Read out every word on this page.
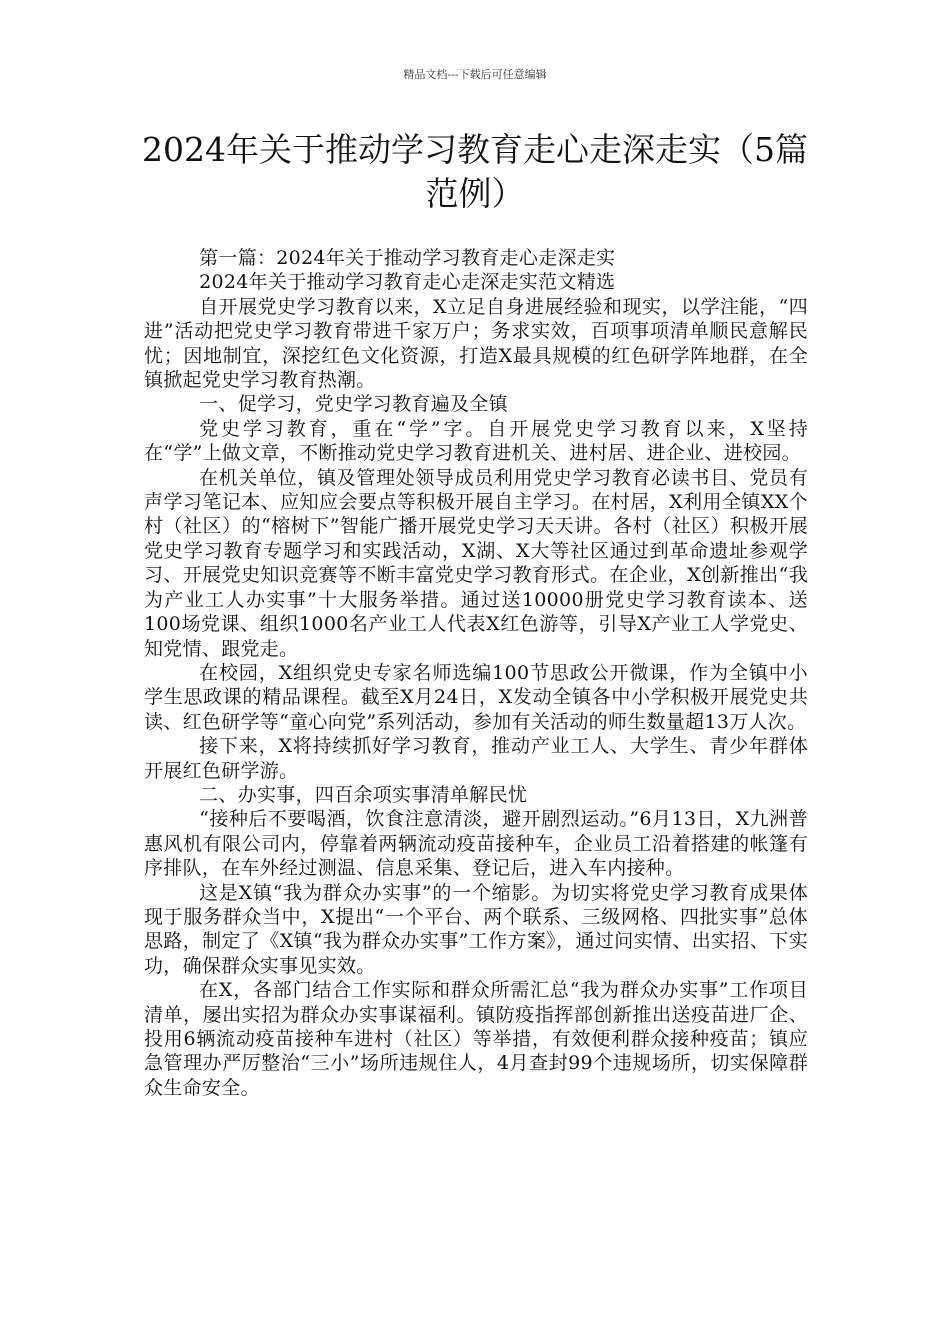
精品文档---下载后可任意编辑
2024年关于推动学习教育走心走深走实（5篇范例）

第一篇：2024年关于推动学习教育走心走深走实

2024年关于推动学习教育走心走深走实范文精选

自开展党史学习教育以来，X立足自身进展经验和现实，以学注能，“四进”活动把党史学习教育带进千家万户；务求实效，百项事项清单顺民意解民忧；因地制宜，深挖红色文化资源，打造X最具规模的红色研学阵地群，在全镇掀起党史学习教育热潮。

一、促学习，党史学习教育遍及全镇

党史学习教育，重在“学”字。自开展党史学习教育以来，X坚持在“学”上做文章，不断推动党史学习教育进机关、进村居、进企业、进校园。

在机关单位，镇及管理处领导成员利用党史学习教育必读书目、党员有声学习笔记本、应知应会要点等积极开展自主学习。在村居，X利用全镇XX个村（社区）的“榕树下”智能广播开展党史学习天天讲。各村（社区）积极开展党史学习教育专题学习和实践活动，X湖、X大等社区通过到革命遗址参观学习、开展党史知识竞赛等不断丰富党史学习教育形式。在企业，X创新推出“我为产业工人办实事”十大服务举措。通过送10000册党史学习教育读本、送100场党课、组织1000名产业工人代表X红色游等，引导X产业工人学党史、知党情、跟党走。

在校园，X组织党史专家名师选编100节思政公开微课，作为全镇中小学生思政课的精品课程。截至X月24日，X发动全镇各中小学积极开展党史共读、红色研学等“童心向党”系列活动，参加有关活动的师生数量超13万人次。

接下来，X将持续抓好学习教育，推动产业工人、大学生、青少年群体开展红色研学游。

二、办实事，四百余项实事清单解民忧

“接种后不要喝酒，饮食注意清淡，避开剧烈运动。”6月13日，X九洲普惠风机有限公司内，停靠着两辆流动疫苗接种车，企业员工沿着搭建的帐篷有序排队，在车外经过测温、信息采集、登记后，进入车内接种。

这是X镇“我为群众办实事”的一个缩影。为切实将党史学习教育成果体现于服务群众当中，X提出“一个平台、两个联系、三级网格、四批实事”总体思路，制定了《X镇“我为群众办实事”工作方案》，通过问实情、出实招、下实功，确保群众实事见实效。

在X，各部门结合工作实际和群众所需汇总“我为群众办实事”工作项目清单，屡出实招为群众办实事谋福利。镇防疫指挥部创新推出送疫苗进厂企、投用6辆流动疫苗接种车进村（社区）等举措，有效便利群众接种疫苗；镇应急管理办严厉整治“三小”场所违规住人，4月查封99个违规场所，切实保障群众生命安全。
